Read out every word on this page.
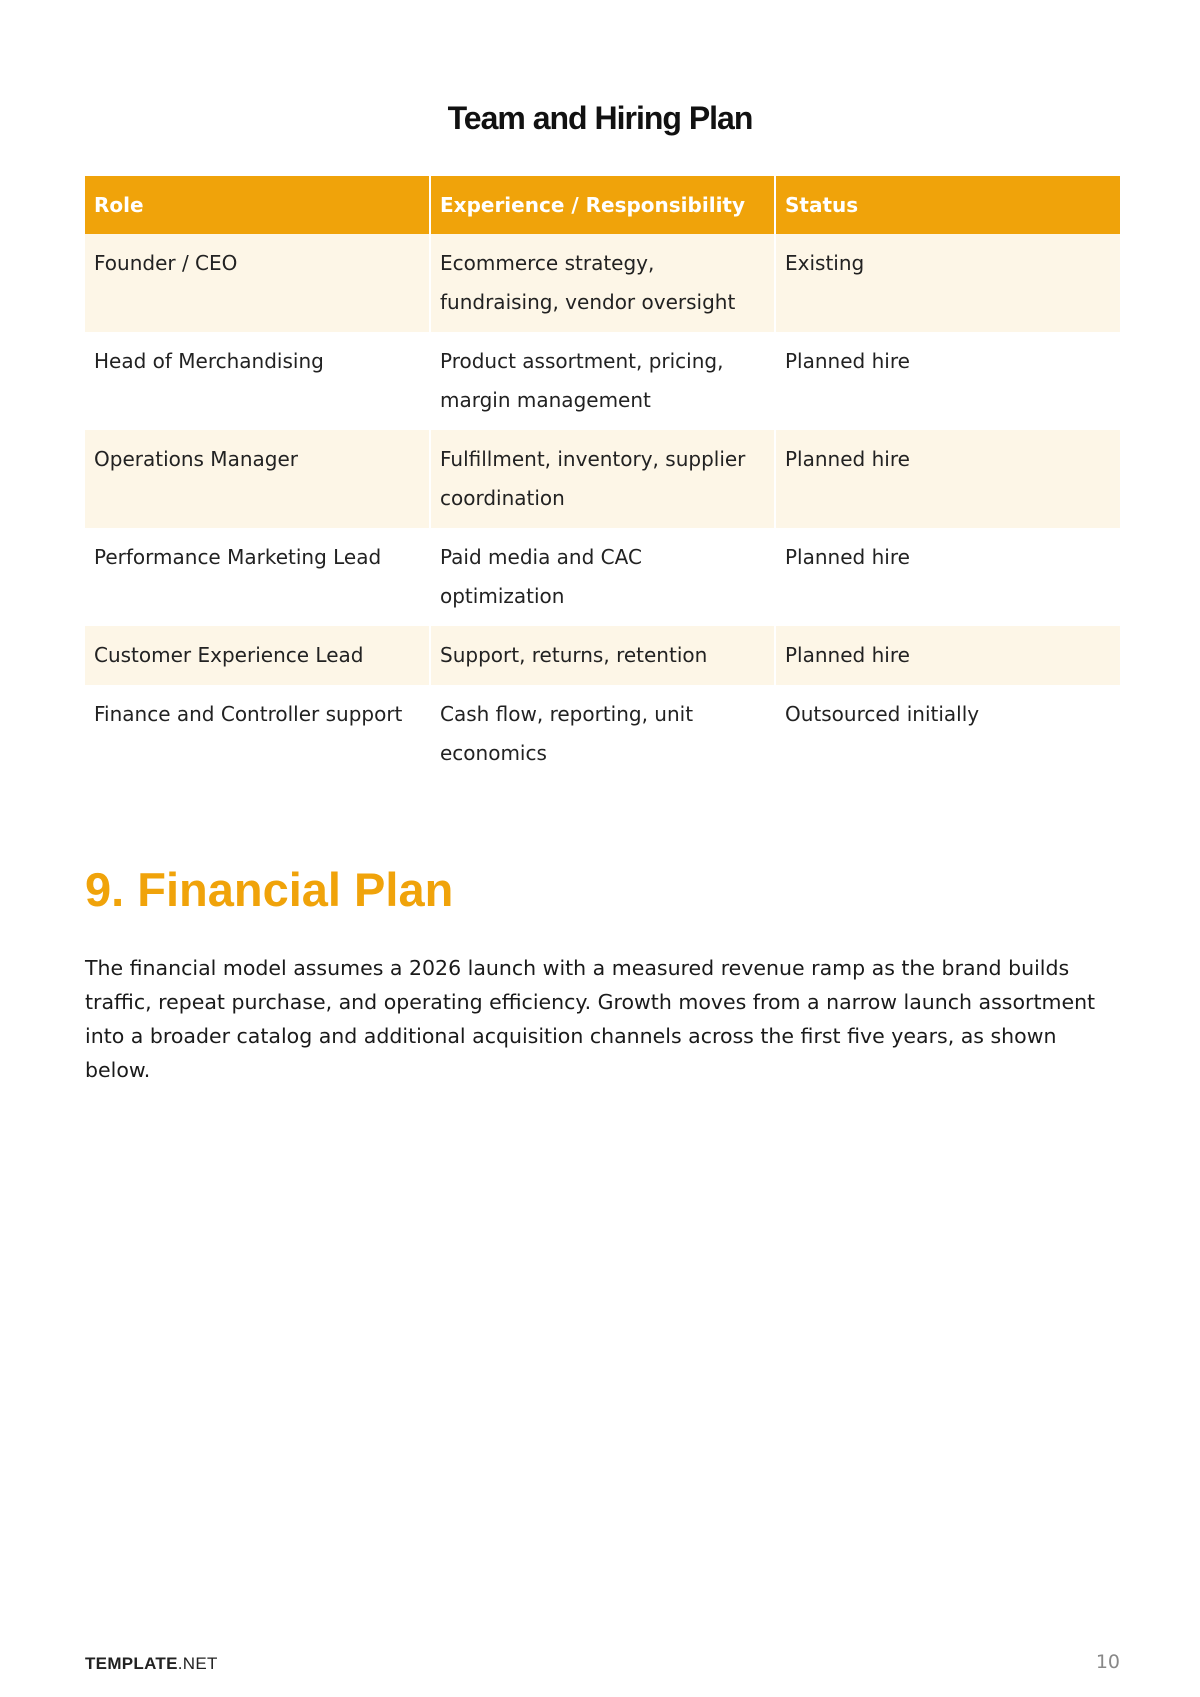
Team and Hiring Plan
Role	Experience / Responsibility	Status
Founder / CEO	Ecommerce strategy, fundraising, vendor oversight	Existing
Head of Merchandising	Product assortment, pricing, margin management	Planned hire
Operations Manager	Fulfillment, inventory, supplier coordination	Planned hire
Performance Marketing Lead	Paid media and CAC optimization	Planned hire
Customer Experience Lead	Support, returns, retention	Planned hire
Finance and Controller support	Cash flow, reporting, unit economics	Outsourced initially
9. Financial Plan

The financial model assumes a 2026 launch with a measured revenue ramp as the brand builds traffic, repeat purchase, and operating efficiency. Growth moves from a narrow launch assortment into a broader catalog and additional acquisition channels across the first five years, as shown below.

TEMPLATE.NET	10
